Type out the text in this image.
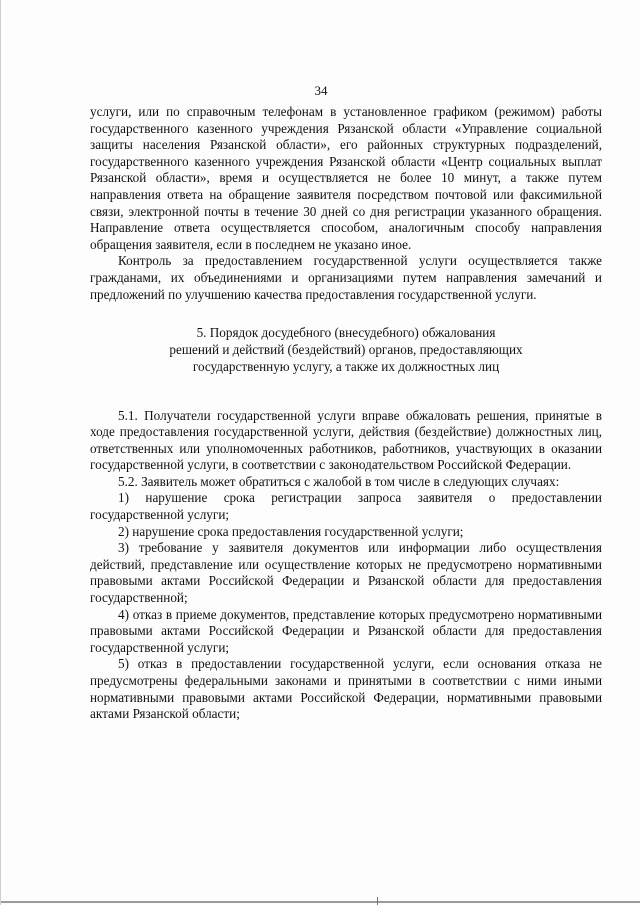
34

услуги, или по справочным телефонам в установленное графиком (режимом) работы государственного казенного учреждения Рязанской области «Управление социальной защиты населения Рязанской области», его районных структурных подразделений, государственного казенного учреждения Рязанской области «Центр социальных выплат Рязанской области», время и осуществляется не более 10 минут, а также путем направления ответа на обращение заявителя посредством почтовой или факсимильной связи, электронной почты в течение 30 дней со дня регистрации указанного обращения. Направление ответа осуществляется способом, аналогичным способу направления обращения заявителя, если в последнем не указано иное.

Контроль за предоставлением государственной услуги осуществляется также гражданами, их объединениями и организациями путем направления замечаний и предложений по улучшению качества предоставления государственной услуги.

5. Порядок досудебного (внесудебного) обжалования
решений и действий (бездействий) органов, предоставляющих
государственную услугу, а также их должностных лиц

5.1. Получатели государственной услуги вправе обжаловать решения, принятые в ходе предоставления государственной услуги, действия (бездействие) должностных лиц, ответственных или уполномоченных работников, работников, участвующих в оказании государственной услуги, в соответствии с законодательством Российской Федерации.

5.2. Заявитель может обратиться с жалобой в том числе в следующих случаях:

1) нарушение срока регистрации запроса заявителя о предоставлении государственной услуги;

2) нарушение срока предоставления государственной услуги;

3) требование у заявителя документов или информации либо осуществления действий, представление или осуществление которых не предусмотрено нормативными правовыми актами Российской Федерации и Рязанской области для предоставления государственной;

4) отказ в приеме документов, представление которых предусмотрено нормативными правовыми актами Российской Федерации и Рязанской области для предоставления государственной услуги;

5) отказ в предоставлении государственной услуги, если основания отказа не предусмотрены федеральными законами и принятыми в соответствии с ними иными нормативными правовыми актами Российской Федерации, нормативными правовыми актами Рязанской области;
